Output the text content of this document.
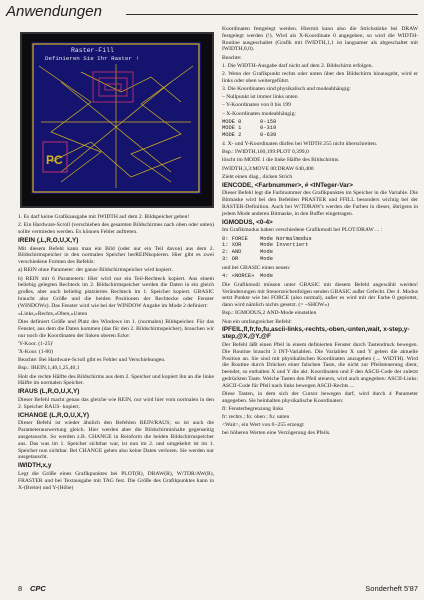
Anwendungen
Raster-Fill
Definieren Sie Ihr Raster !
PC

1. Es darf keine Grafikausgabe mit IWIDTH auf dem 2. Bildspeicher geben!

2. Ein Hardware-Scroll (verschieben des gesamten Bildschirmes nach oben oder unten) sollte vermieden werden. Es können Fehler auftreten.

IREIN (,L,R,O,U,X,Y)

Mit diesem Befehl kann man ein Bild (oder nur ein Teil davon) aus dem 2. Bildschirmspeicher in den normalen Speicher herREINkopieren. Hier gibt es zwei verschiedene Formen des Befehls:

a) REIN ohne Parameter: der ganze Bildschirmspeicher wird kopiert.

b) REIN mit 6 Parametern: Hier wird nur ein Teil-Rechteck kopiert. Aus einem beliebig gelegten Rechteck im 2. Bildschirmspeicher werden die Daten in ein gleich großes, aber auch beliebig platziertes Rechteck im 1. Speicher kopiert. GBASIC braucht also Größe und die beiden Positionen der Rechtecke oder Fenster (WINDOWs). Das Fenster wird wie bei der WINDOW Angabe im Mode 2 definiert:

«Links,»Rechts,»Oben,»Unten

Dies definiert Größe und Platz des Windows im 1. (normalen) Bildspeicher. Für das Fenster, aus dem die Daten kommen (das für den 2. Bildschirmspeicher), brauchen wir nur noch die Koordinaten der linken oberen Ecke:

'Y-Koor. (1-25)'

'X-Koor. (1-80)

Beachte: Bei Hardware-Scroll gibt es Fehler und Verschiebungen.

Bsp.: IREIN,1,40,1,25,40,1

Holt die rechte Hälfte des Bildschirms aus dem 2. Speicher und kopiert ihn an die linke Hälfte im normalen Speicher.

IRAUS (L,R,O,U,X,Y)

Dieser Befehl macht genau das gleiche wie REIN, nur wird hier vom normalen in den 2. Speicher RAUS- kopiert.

ICHANGE (L,R,O,U,X,Y)

Dieser Befehl ist wieder ähnlich den Befehlen REIN/RAUS; so ist auch die Parameterauswertung gleich. Hier werden aber die Bildschirminhalte gegenseitig ausgetauscht. So werden z.B. CHANGE in Reinform die beiden Bildschirmspeicher aus. Das was im 1. Speicher sichtbar war, ist nun im 2. und umgekehrt ist im 1. Speicher nun sichtbar. Bei CHANGE gehen also keine Daten verloren. Sie werden nur ausgetauscht.

IWIDTH,x,y

Legt die Größe eines Grafikpunktes bei PLOT(R), DRAW(R), W/TDR/AW(R), FRASTER und bei Textausgabe mit TAG fest. Die Größe des Grafikpunktes kann in X-(Breite) und Y-(Höhe)

Koordinaten festgelegt werden. Hiermit kann also die Strichstärke bei DRAW festgelegt werden (!). Wird als X-Koordinate 0 angegeben, so wird die WIDTH-Routine ausgeschaltet (Grafik mit IWIDTH,1,1 ist langsamer als abgeschaltet mit IWIDTH,0,0).

Beachte:

1. Die WIDTH-Ausgabe darf nicht auf dem 2. Bildschirm erfolgen.

2. Wenn der Grafikpunkt rechts oder unten über den Bildschirm hinausgeht, wird er links oder oben weitergeführt.

3. Die Koordinaten sind physikalisch und modeabhängig:

– Nullpunkt ist immer links unten

– Y-Koordinaten von 0 bis 199

– X-Koordinaten modeabhängig:

MODE 0	0-159
MODE 1	0-319
MODE 2	0-639

4. X- und Y-Koordinaten dürfen bei WIDTH 255 nicht überschreiten.

Bsp.: IWIDTH,160,199:PLOT 0,399,0

löscht im MODE 1 die linke Hälfte des Bildschirms.

IWIDTH,3,3:MOVE 00:DRAW 640,400

Zieht einen diag., dicken Strich

IENCODE, <Farbnummer>, # <INTeger-Var>

Dieser Befehl legt die Farbnummer des Grafikpunktes im Speicher in die Variable. Die Bitmaske wird bei den Befehlen PRASTER und FFILL besonders wichtig bei der RASTER-Definition. Auch bei W/TDRAW's werden die Farben in dieser, übrigens in jedem Mode anderen Bitmaske, in den Buffer eingetragen.

IGMODUS, <0-4>

Im Grafikmodus haben verschiedene Grafikmodi bei PLOT/DRAW ... :

0: FORCE	Mode Normalmodus
1: XOR	Mode Invertiert
2: AND	Mode
3: OR	Mode

und bei GBASIC einen neuen:

4: «NORCE»	Mode

Die Grafikmodi müssen unter GBASIC mit diesem Befehl angewählt werden! Veränderungen mit Steuerzeichenfolgen senden GBASIC außer Gefecht. Der 4. Modus setzt Punkte wie bei FORCE (also normal), außer es wird mit der Farbe 0 geplottet, dann wird nämlich nichts gesetzt. (= ~SHOW«)

Bsp.: IGMODUS,2 AND-Mode einstellen

Nun ein umfangreicher Befehl:

IPFEIL,fl,fr,fo,fu,ascii-links,-rechts,-oben,-unten,wait, x-step,y-step,@X,@Y,@F

Der Befehl läßt einen Pfeil in einem definierten Fenster durch Tastendruck bewegen. Die Routine braucht 3 INT-Variablen. Die Variablen X und Y geben die aktuelle Position an. Sie sind mit physikalischen Koordinaten anzugeben (→ WIDTH). Wird die Routine durch Drücken einer falschen Taste, die nicht zur Pfeilsteuerung dient, beendet, so enthalten X und Y die akt. Koordinaten und F den ASCII-Code der zuletzt gedrückten Taste. Welche Tasten den Pfeil steuern, wird auch angegeben: ASCII-Links: ASCII-Code für Pfeil nach links bewegen ASCII-Rechts ...

Diese Tasten, in dem sich der Cursor bewegen darf, wird durch 4 Parameter angegeben. Sie beinhalten physikalische Koordinaten:

fl: Fensterbegrenzung links

fr: rechts ; fo: oben ; fu: unten

<Wait>, ein Wert von 0−255 erzeugt

bei höheren Werten eine Verzögerung des Pfeils.

8 CPC	Sonderheft 5'87
